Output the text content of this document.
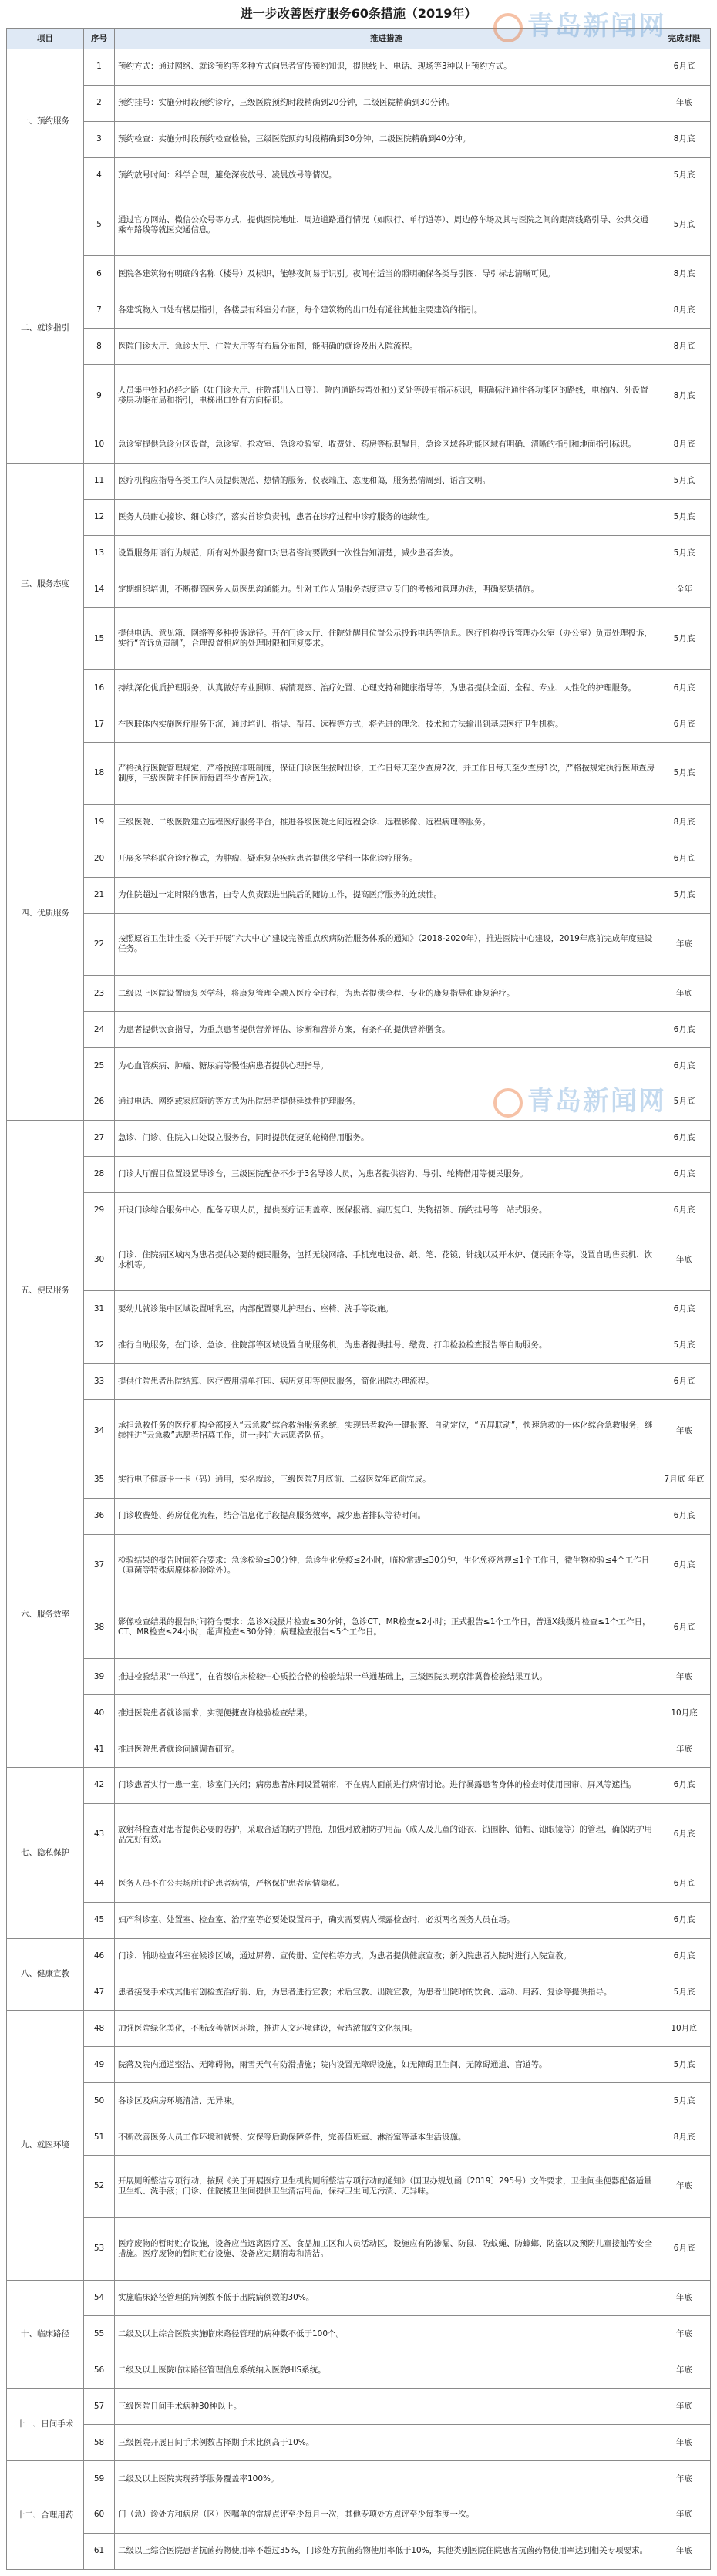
进一步改善医疗服务60条措施（2019年）
项目	序号	推进措施	完成时限
一、预约服务	1	预约方式：通过网络、就诊预约等多种方式向患者宣传预约知识，提供线上、电话、现场等3种以上预约方式。	6月底
	2	预约挂号：实施分时段预约诊疗，三级医院预约时段精确到20分钟，二级医院精确到30分钟。	年底
	3	预约检查：实施分时段预约检查检验，三级医院预约时段精确到30分钟，二级医院精确到40分钟。	8月底
	4	预约放号时间：科学合理，避免深夜放号、凌晨放号等情况。	5月底
二、就诊指引	5	通过官方网站、微信公众号等方式，提供医院地址、周边道路通行情况（如限行、单行道等）、周边停车场及其与医院之间的距离线路引导、公共交通乘车路线等就医交通信息。	5月底
	6	医院各建筑物有明确的名称（楼号）及标识，能够夜间易于识别。夜间有适当的照明确保各类导引图、导引标志清晰可见。	8月底
	7	各建筑物入口处有楼层指引，各楼层有科室分布图，每个建筑物的出口处有通往其他主要建筑的指引。	8月底
	8	医院门诊大厅、急诊大厅、住院大厅等有布局分布图，能明确的就诊及出入院流程。	8月底
	9	人员集中处和必经之路（如门诊大厅、住院部出入口等）、院内道路转弯处和分叉处等设有指示标识，明确标注通往各功能区的路线，电梯内、外设置楼层功能布局和指引，电梯出口处有方向标识。	8月底
	10	急诊室提供急诊分区设置，急诊室、抢救室、急诊检验室、收费处、药房等标识醒目，急诊区域各功能区域有明确、清晰的指引和地面指引标识。	8月底
三、服务态度	11	医疗机构应指导各类工作人员提供规范、热情的服务，仪表端庄、态度和蔼，服务热情周到、语言文明。	5月底
	12	医务人员耐心接诊、细心诊疗，落实首诊负责制，患者在诊疗过程中诊疗服务的连续性。	5月底
	13	设置服务用语行为规范，所有对外服务窗口对患者咨询要做到一次性告知清楚，减少患者奔波。	5月底
	14	定期组织培训，不断提高医务人员医患沟通能力。针对工作人员服务态度建立专门的考核和管理办法，明确奖惩措施。	全年
	15	提供电话、意见箱、网络等多种投诉途径。开在门诊大厅、住院处醒目位置公示投诉电话等信息。医疗机构投诉管理办公室（办公室）负责处理投诉，实行“首诉负责制”，合理设置相应的处理时限和回复要求。	5月底
	16	持续深化优质护理服务，认真做好专业照顾、病情观察、治疗处置、心理支持和健康指导等，为患者提供全面、全程、专业、人性化的护理服务。	6月底
四、优质服务	17	在医联体内实施医疗服务下沉，通过培训、指导、帮带、远程等方式，将先进的理念、技术和方法输出到基层医疗卫生机构。	6月底
	18	严格执行医院管理规定，严格按照排班制度，保证门诊医生按时出诊，工作日每天至少查房2次，并工作日每天至少查房1次，严格按规定执行医师查房制度，三级医院主任医师每周至少查房1次。	5月底
	19	三级医院、二级医院建立远程医疗服务平台，推进各级医院之间远程会诊、远程影像、远程病理等服务。	8月底
	20	开展多学科联合诊疗模式，为肿瘤、疑难复杂疾病患者提供多学科一体化诊疗服务。	6月底
	21	为住院超过一定时限的患者，由专人负责跟进出院后的随访工作，提高医疗服务的连续性。	5月底
	22	按照原省卫生计生委《关于开展“六大中心”建设完善重点疾病防治服务体系的通知》（2018-2020年），推进医院中心建设，2019年底前完成年度建设任务。	年底
	23	二级以上医院设置康复医学科，将康复管理全融入医疗全过程，为患者提供全程、专业的康复指导和康复治疗。	年底
	24	为患者提供饮食指导，为重点患者提供营养评估、诊断和营养方案，有条件的提供营养膳食。	6月底
	25	为心血管疾病、肿瘤、糖尿病等慢性病患者提供心理指导。	6月底
	26	通过电话、网络或家庭随访等方式为出院患者提供延续性护理服务。	5月底
五、便民服务	27	急诊、门诊、住院入口处设立服务台，同时提供便捷的轮椅借用服务。	6月底
	28	门诊大厅醒目位置设置导诊台，三级医院配备不少于3名导诊人员，为患者提供咨询、导引、轮椅借用等便民服务。	6月底
	29	开设门诊综合服务中心，配备专职人员，提供医疗证明盖章、医保报销、病历复印、失物招领、预约挂号等一站式服务。	6月底
	30	门诊、住院病区域内为患者提供必要的便民服务，包括无线网络、手机充电设备、纸、笔、花镜、针线以及开水炉、便民雨伞等，设置自助售卖机、饮水机等。	年底
	31	要幼儿就诊集中区域设置哺乳室，内部配置婴儿护理台、座椅、洗手等设施。	6月底
	32	推行自助服务，在门诊、急诊、住院部等区域设置自助服务机，为患者提供挂号、缴费、打印检验检查报告等自助服务。	5月底
	33	提供住院患者出院结算、医疗费用清单打印、病历复印等便民服务，简化出院办理流程。	6月底
	34	承担急救任务的医疗机构全部接入“云急救”综合救治服务系统，实现患者救治一键报警、自动定位，“五屏联动”，快速急救的一体化综合急救服务，继续推进“云急救”志愿者招募工作，进一步扩大志愿者队伍。	年底
六、服务效率	35	实行电子健康卡一卡（码）通用，实名就诊，三级医院7月底前、二级医院年底前完成。	7月底 年底
	36	门诊收费处、药房优化流程，结合信息化手段提高服务效率，减少患者排队等待时间。	6月底
	37	检验结果的报告时间符合要求：急诊检验≤30分钟，急诊生化免疫≤2小时，临检常规≤30分钟，生化免疫常规≤1个工作日，微生物检验≤4个工作日（真菌等特殊病原体检验除外）。	6月底
	38	影像检查结果的报告时间符合要求：急诊X线摄片检查≤30分钟，急诊CT、MR检查≤2小时；正式报告≤1个工作日，普通X线摄片检查≤1个工作日，CT、MR检查≤24小时，超声检查≤30分钟；病理检查报告≤5个工作日。	6月底
	39	推进检验结果“一单通”，在省级临床检验中心质控合格的检验结果一单通基础上，三级医院实现京津冀鲁检验结果互认。	年底
	40	推进医院患者就诊需求，实现便捷查询检验检查结果。	10月底
	41	推进医院患者就诊问题调查研究。	年底
七、隐私保护	42	门诊患者实行一患一室，诊室门关闭；病房患者床间设置隔帘，不在病人面前进行病情讨论。进行暴露患者身体的检查时使用围帘、屏风等遮挡。	6月底
	43	放射科检查对患者提供必要的防护，采取合适的防护措施，加强对放射防护用品（成人及儿童的铅衣、铅围脖、铅帽、铅眼镜等）的管理，确保防护用品完好有效。	6月底
	44	医务人员不在公共场所讨论患者病情，严格保护患者病情隐私。	6月底
	45	妇产科诊室、处置室、检查室、治疗室等必要处设置帘子，确实需要病人裸露检查时，必须两名医务人员在场。	6月底
八、健康宣教	46	门诊、辅助检查科室在候诊区域，通过屏幕、宣传册、宣传栏等方式，为患者提供健康宣教；新入院患者入院时进行入院宣教。	6月底
	47	患者接受手术或其他有创检查治疗前、后，为患者进行宣教；术后宣教、出院宣教，为患者出院时的饮食、运动、用药、复诊等提供指导。	5月底
九、就医环境	48	加强医院绿化美化，不断改善就医环境，推进人文环境建设，营造浓郁的文化氛围。	10月底
	49	院落及院内通道整洁、无障碍物，雨雪天气有防滑措施；院内设置无障碍设施，如无障碍卫生间、无障碍通道、盲道等。	5月底
	50	各诊区及病房环境清洁、无异味。	5月底
	51	不断改善医务人员工作环境和就餐、安保等后勤保障条件，完善值班室、淋浴室等基本生活设施。	8月底
	52	开展厕所整洁专项行动，按照《关于开展医疗卫生机构厕所整洁专项行动的通知》（国卫办规划函〔2019〕295号）文件要求，卫生间坐便器配备适量卫生纸、洗手液；门诊、住院楼卫生间提供卫生清洁用品，保持卫生间无污渍、无异味。	年底
	53	医疗废物的暂时贮存设施，设备应当远离医疗区、食品加工区和人员活动区，设施应有防渗漏、防鼠、防蚊蝇、防蟑螂、防盗以及预防儿童接触等安全措施。医疗废物的暂时贮存设施、设备应定期消毒和清洁。	6月底
十、临床路径	54	实施临床路径管理的病例数不低于出院病例数的30%。	年底
	55	二级及以上综合医院实施临床路径管理的病种数不低于100个。	年底
	56	二级及以上医院临床路径管理信息系统纳入医院HIS系统。	年底
十一、日间手术	57	三级医院日间手术病种30种以上。	年底
	58	三级医院开展日间手术例数占择期手术比例高于10%。	年底
十二、合理用药	59	二级及以上医院实现药学服务覆盖率100%。	年底
	60	门（急）诊处方和病房（区）医嘱单的常规点评至少每月一次，其他专项处方点评至少每季度一次。	年底
	61	二级以上综合医院患者抗菌药物使用率不超过35%，门诊处方抗菌药物使用率低于10%，其他类别医院住院患者抗菌药物使用率达到相关专项要求。	年底
青岛新闻网
青岛新闻网
